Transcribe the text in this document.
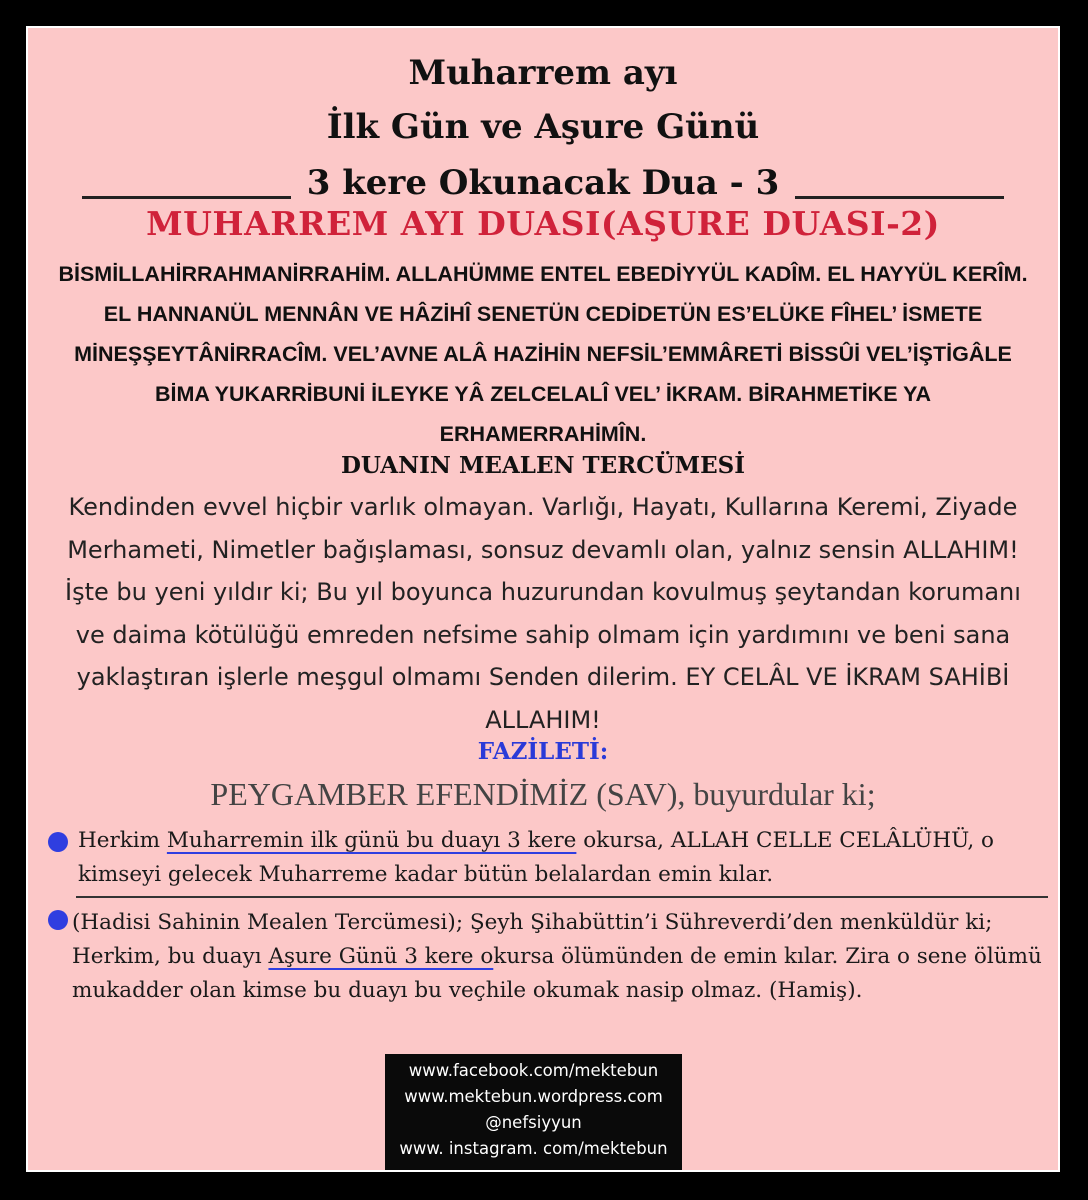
Muharrem ayı

İlk Gün ve Aşure Günü

3 kere Okunacak Dua - 3
MUHARREM AYI DUASI(AŞURE DUASI-2)
BİSMİLLAHİRRAHMANİRRAHİM. ALLAHÜMME ENTEL EBEDİYYÜL KADÎM. EL HAYYÜL KERÎM. EL HANNANÜL MENNÂN VE HÂZİHÎ SENETÜN CEDİDETÜN ES’ELÜKE FÎHEL’ İSMETE MİNEŞŞEYTÂNİRRACÎM. VEL’AVNE ALÂ HAZİHİN NEFSİL’EMMÂRETİ BİSSÛİ VEL’İŞTİGÂLE BİMA YUKARRİBUNİ İLEYKE YÂ ZELCELALÎ VEL’ İKRAM. BİRAHMETİKE YA ERHAMERRAHİMÎN.
DUANIN MEALEN TERCÜMESİ
Kendinden evvel hiçbir varlık olmayan. Varlığı, Hayatı, Kullarına Keremi, Ziyade Merhameti, Nimetler bağışlaması, sonsuz devamlı olan, yalnız sensin ALLAHIM! İşte bu yeni yıldır ki; Bu yıl boyunca huzurundan kovulmuş şeytandan korumanı ve daima kötülüğü emreden nefsime sahip olmam için yardımını ve beni sana yaklaştıran işlerle meşgul olmamı Senden dilerim. EY CELÂL VE İKRAM SAHİBİ ALLAHIM!
FAZİLETİ:
PEYGAMBER EFENDİMİZ (SAV), buyurdular ki;
Herkim Muharremin ilk günü bu duayı 3 kere okursa, ALLAH CELLE CELÂLÜHÜ, o kimseyi gelecek Muharreme kadar bütün belalardan emin kılar.
(Hadisi Sahinin Mealen Tercümesi); Şeyh Şihabüttin’i Sühreverdi’den menküldür ki; Herkim, bu duayı Aşure Günü 3 kere okursa ölümünden de emin kılar. Zira o sene ölümü mukadder olan kimse bu duayı bu veçhile okumak nasip olmaz. (Hamiş).
www.facebook.com/mektebun
www.mektebun.wordpress.com
@nefsiyyun
www. instagram. com/mektebun
